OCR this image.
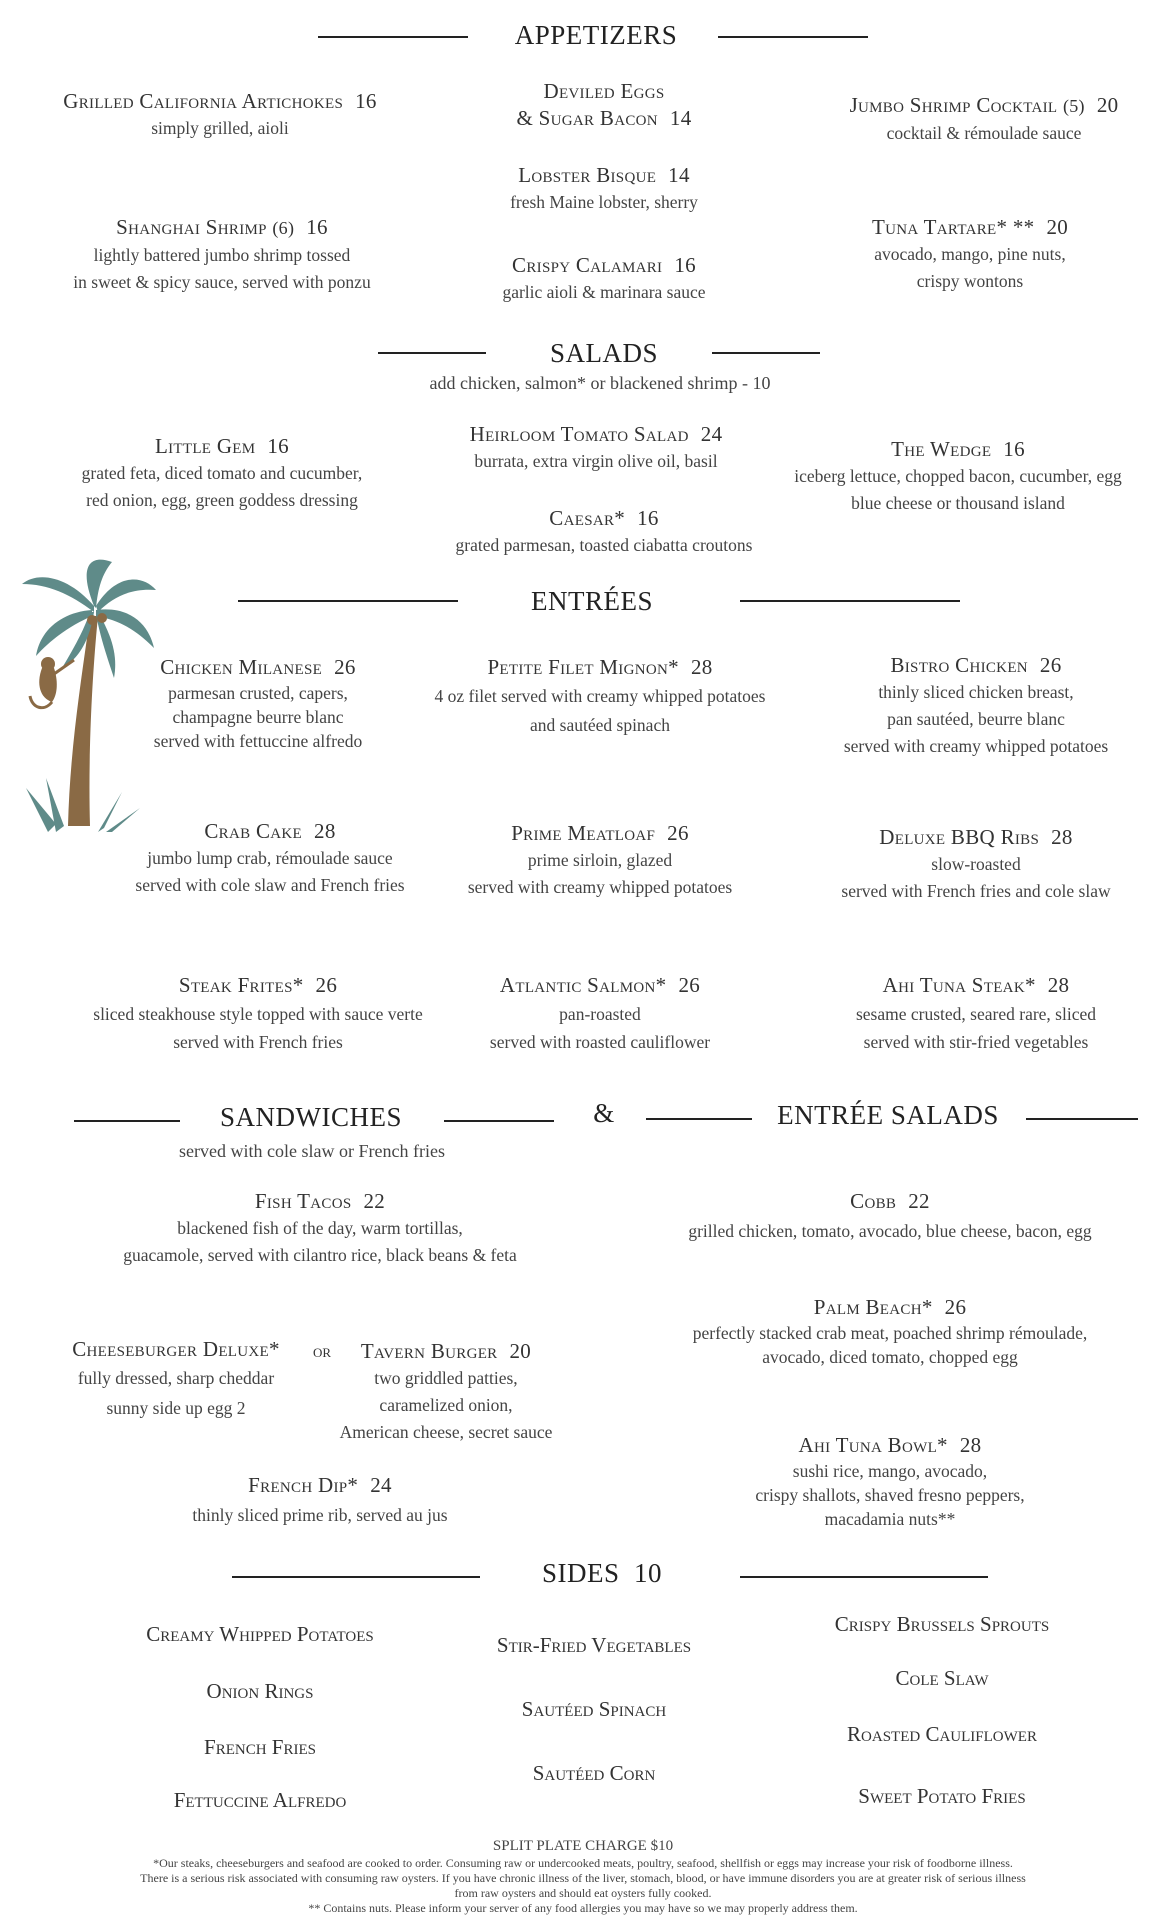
APPETIZERS
Grilled California Artichokes 16
simply grilled, aioli
Deviled Eggs
& Sugar Bacon 14
Jumbo Shrimp Cocktail (5) 20
cocktail & rémoulade sauce
Lobster Bisque 14
fresh Maine lobster, sherry
Shanghai Shrimp (6) 16
lightly battered jumbo shrimp tossed
in sweet & spicy sauce, served with ponzu
Tuna Tartare* ** 20
avocado, mango, pine nuts,
crispy wontons
Crispy Calamari 16
garlic aioli & marinara sauce
SALADS
add chicken, salmon* or blackened shrimp - 10
Little Gem 16
grated feta, diced tomato and cucumber,
red onion, egg, green goddess dressing
Heirloom Tomato Salad 24
burrata, extra virgin olive oil, basil	The Wedge 16
iceberg lettuce, chopped bacon, cucumber, egg
blue cheese or thousand island
Caesar* 16
grated parmesan, toasted ciabatta croutons
ENTRÉES
Chicken Milanese 26
parmesan crusted, capers,
champagne beurre blanc
served with fettuccine alfredo
Petite Filet Mignon* 28
4 oz filet served with creamy whipped potatoes
and sautéed spinach
Bistro Chicken 26
thinly sliced chicken breast,
pan sautéed, beurre blanc
served with creamy whipped potatoes
Crab Cake 28
jumbo lump crab, rémoulade sauce
served with cole slaw and French fries
Prime Meatloaf 26
prime sirloin, glazed
served with creamy whipped potatoes
Deluxe BBQ Ribs 28
slow-roasted
served with French fries and cole slaw
Steak Frites* 26
sliced steakhouse style topped with sauce verte
served with French fries
Atlantic Salmon* 26
pan-roasted
served with roasted cauliflower
Ahi Tuna Steak* 28
sesame crusted, seared rare, sliced
served with stir-fried vegetables
SANDWICHES	&	ENTRÉE SALADS
served with cole slaw or French fries
Fish Tacos 22
blackened fish of the day, warm tortillas,
guacamole, served with cilantro rice, black beans & feta
Cheeseburger Deluxe*
fully dressed, sharp cheddar
sunny side up egg 2
or	Tavern Burger 20
two griddled patties,
caramelized onion,
American cheese, secret sauce
French Dip* 24
thinly sliced prime rib, served au jus
Cobb 22
grilled chicken, tomato, avocado, blue cheese, bacon, egg
Palm Beach* 26
perfectly stacked crab meat, poached shrimp rémoulade,
avocado, diced tomato, chopped egg
Ahi Tuna Bowl* 28
sushi rice, mango, avocado,
crispy shallots, shaved fresno peppers,
macadamia nuts**
SIDES  10
Creamy Whipped Potatoes
Onion Rings
French Fries
Fettuccine Alfredo
Stir-Fried Vegetables
Sautéed Spinach
Sautéed Corn
Crispy Brussels Sprouts
Cole Slaw
Roasted Cauliflower
Sweet Potato Fries
SPLIT PLATE CHARGE $10
*Our steaks, cheeseburgers and seafood are cooked to order. Consuming raw or undercooked meats, poultry, seafood, shellfish or eggs may increase your risk of foodborne illness.
There is a serious risk associated with consuming raw oysters. If you have chronic illness of the liver, stomach, blood, or have immune disorders you are at greater risk of serious illness
from raw oysters and should eat oysters fully cooked.
** Contains nuts. Please inform your server of any food allergies you may have so we may properly address them.
